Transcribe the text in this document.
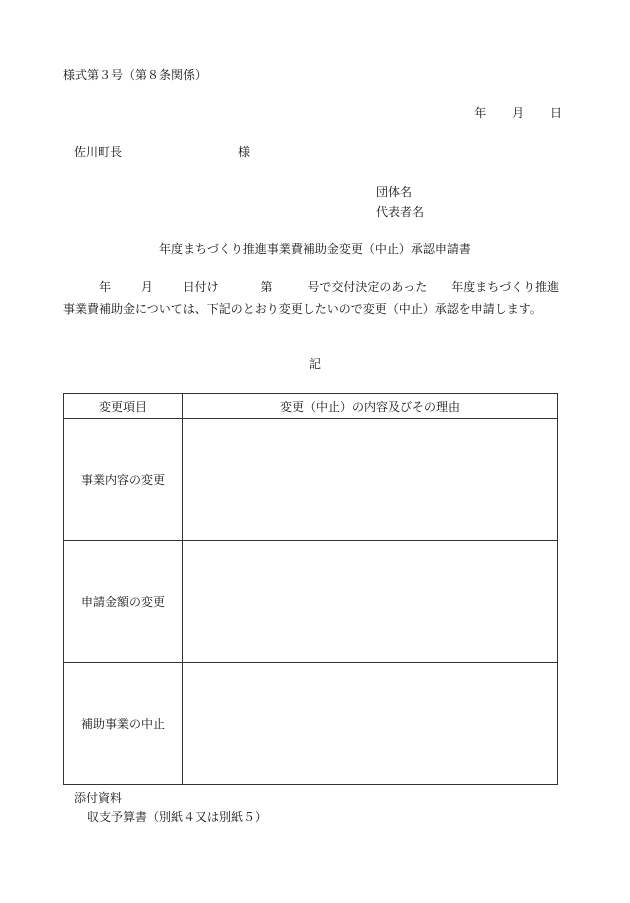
様式第３号（第８条関係）
年 月 日
佐川町長	様
団体名
代表者名
年度まちづくり推進事業費補助金変更（中止）承認申請書
年 月 日付け	第	号で交付決定のあった　　年度まちづくり推進
事業費補助金については、下記のとおり変更したいので変更（中止）承認を申請します。
記
変更項目	変更（中止）の内容及びその理由
事業内容の変更	
申請金額の変更	
補助事業の中止	
添付資料
収支予算書（別紙４又は別紙５）
